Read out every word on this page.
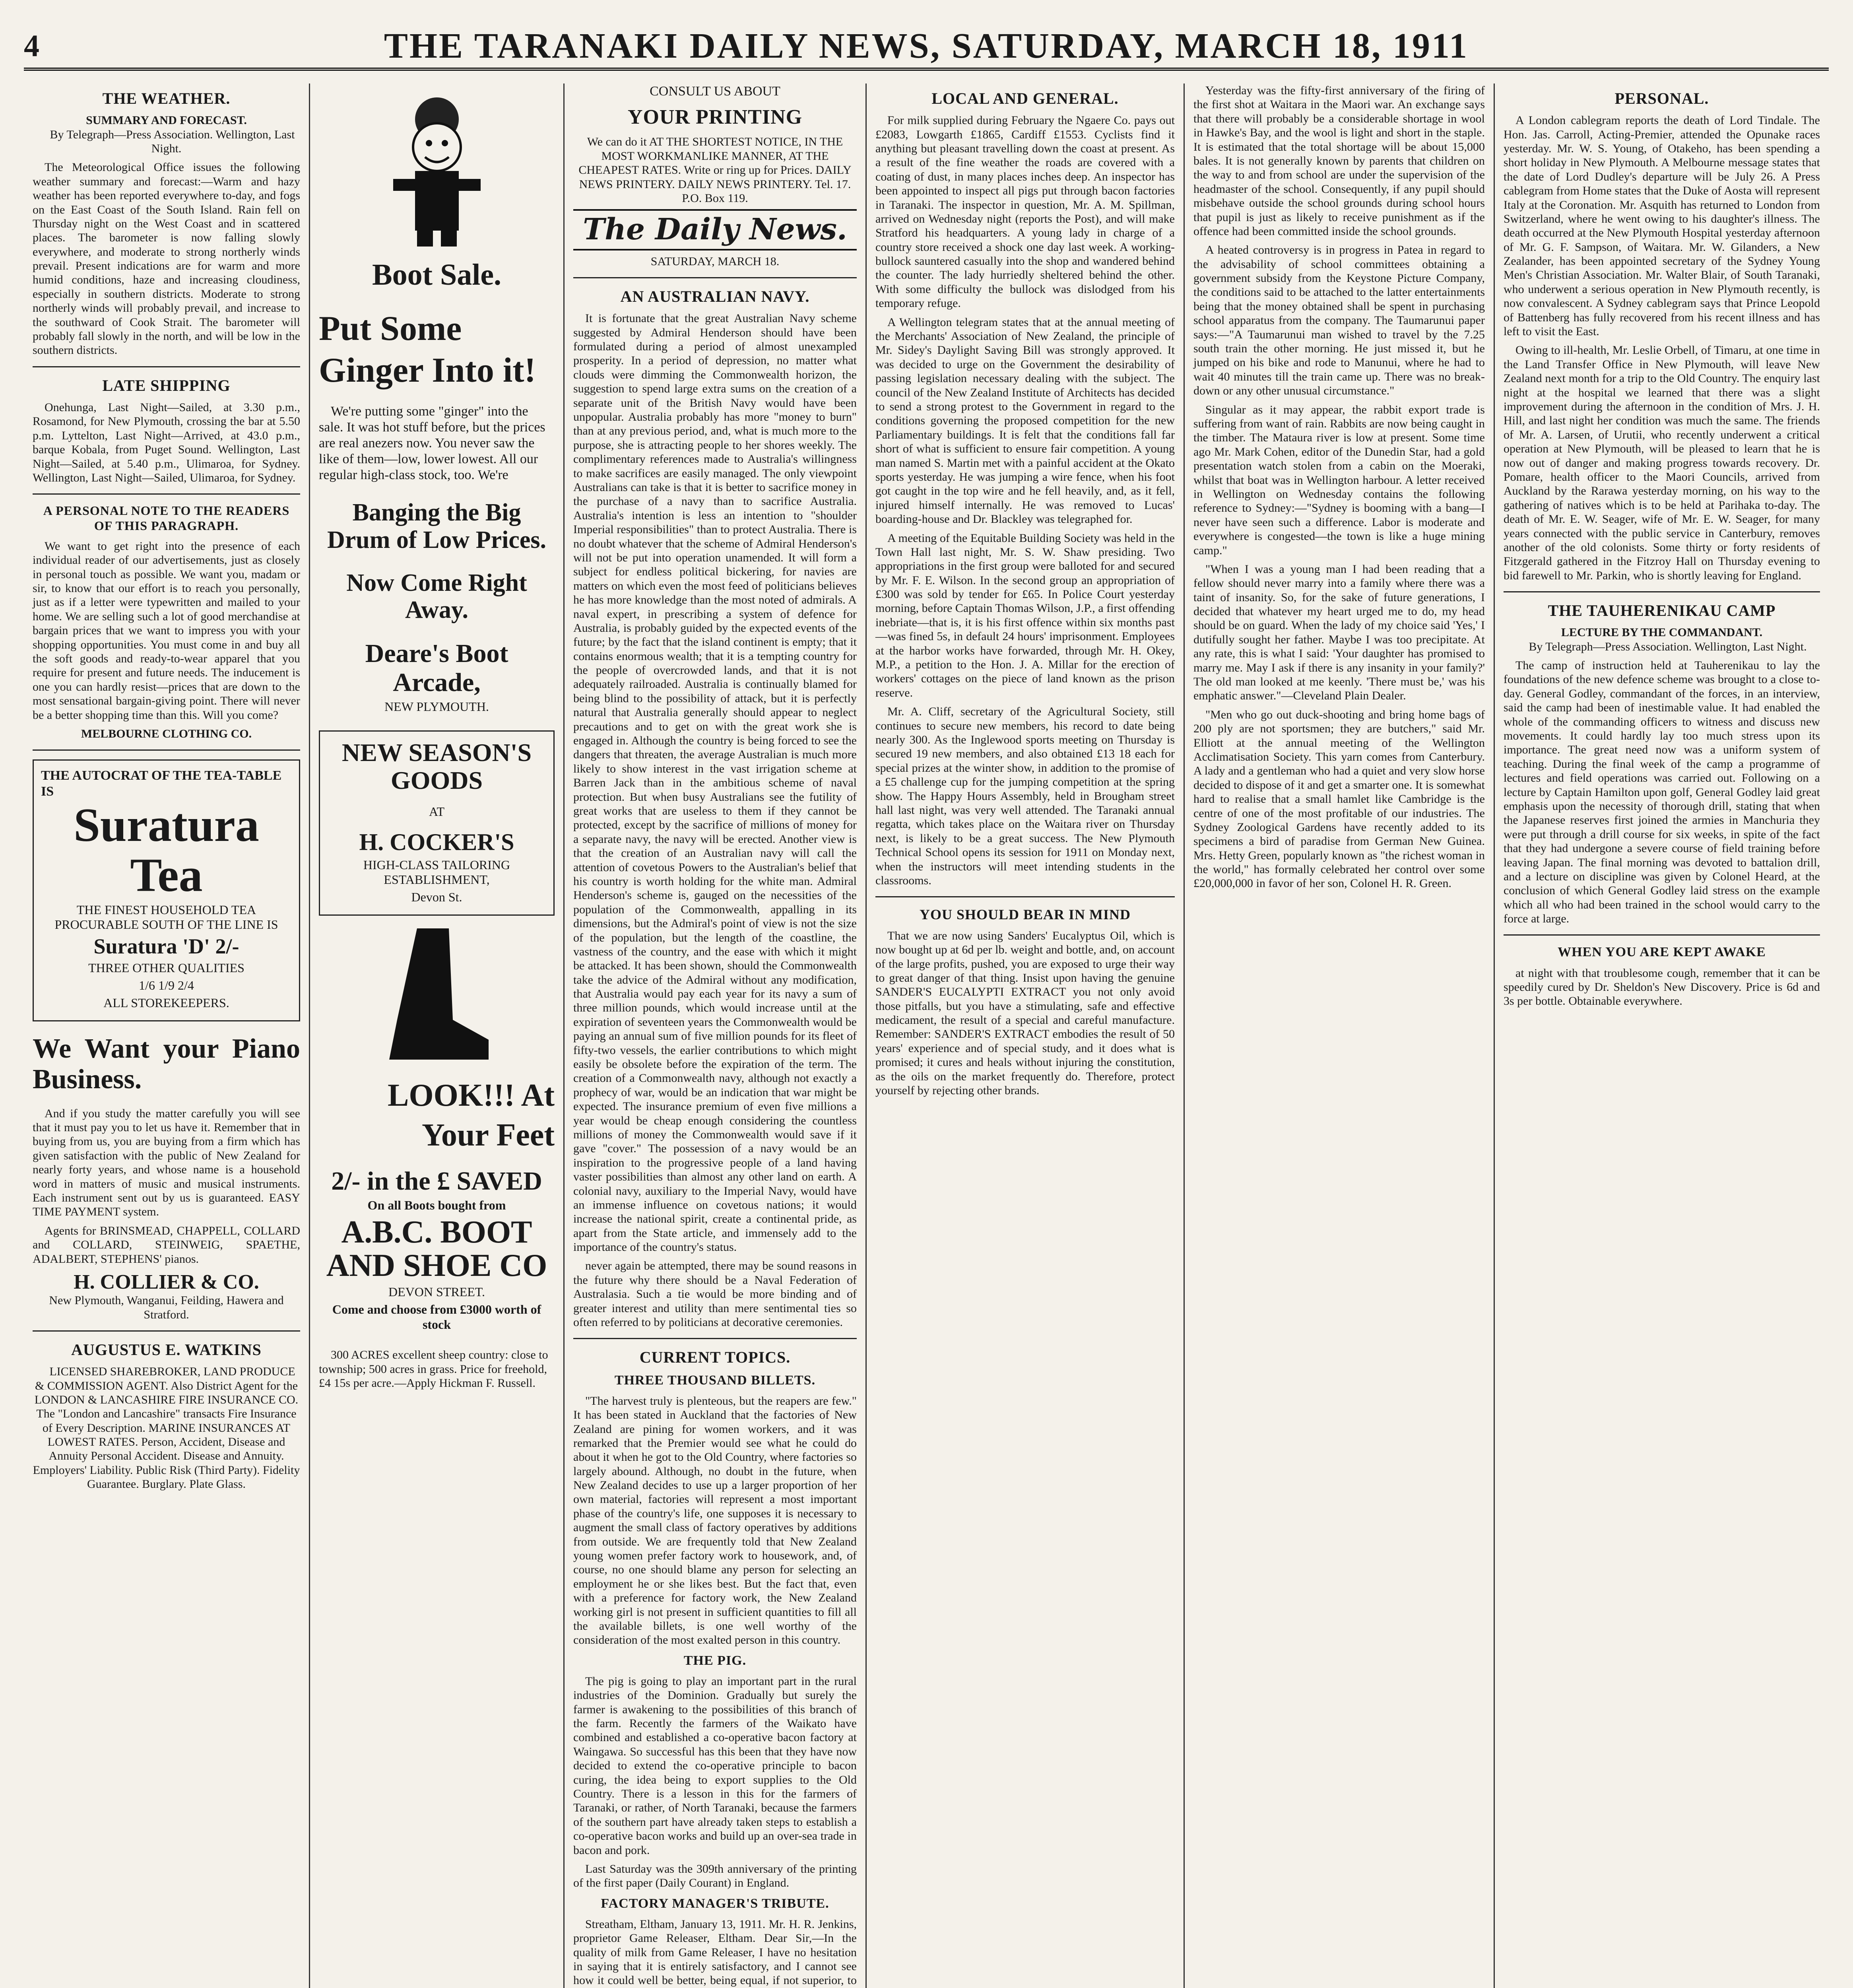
4	THE TARANAKI DAILY NEWS, SATURDAY, MARCH 18, 1911
THE WEATHER.
SUMMARY AND FORECAST.
By Telegraph—Press Association. Wellington, Last Night.
The Meteorological Office issues the following weather summary and forecast:—Warm and hazy weather has been reported everywhere to-day, and fogs on the East Coast of the South Island. Rain fell on Thursday night on the West Coast and in scattered places. The barometer is now falling slowly everywhere, and moderate to strong northerly winds prevail. Present indications are for warm and more humid conditions, haze and increasing cloudiness, especially in southern districts. Moderate to strong northerly winds will probably prevail, and increase to the southward of Cook Strait. The barometer will probably fall slowly in the north, and will be low in the southern districts.
LATE SHIPPING
Onehunga, Last Night—Sailed, at 3.30 p.m., Rosamond, for New Plymouth, crossing the bar at 5.50 p.m. Lyttelton, Last Night—Arrived, at 43.0 p.m., barque Kobala, from Puget Sound. Wellington, Last Night—Sailed, at 5.40 p.m., Ulimaroa, for Sydney. Wellington, Last Night—Sailed, Ulimaroa, for Sydney.
A PERSONAL NOTE TO THE READERS OF THIS PARAGRAPH.
We want to get right into the presence of each individual reader of our advertisements, just as closely in personal touch as possible. We want you, madam or sir, to know that our effort is to reach you personally, just as if a letter were typewritten and mailed to your home. We are selling such a lot of good merchandise at bargain prices that we want to impress you with your shopping opportunities. You must come in and buy all the soft goods and ready-to-wear apparel that you require for present and future needs. The inducement is one you can hardly resist—prices that are down to the most sensational bargain-giving point. There will never be a better shopping time than this. Will you come?
MELBOURNE CLOTHING CO.
THE AUTOCRAT OF THE TEA-TABLE IS
Suratura Tea
THE FINEST HOUSEHOLD TEA PROCURABLE SOUTH OF THE LINE IS
Suratura 'D' 2/-
THREE OTHER QUALITIES
1/6 1/9 2/4
ALL STOREKEEPERS.
We Want your Piano Business.
And if you study the matter carefully you will see that it must pay you to let us have it. Remember that in buying from us, you are buying from a firm which has given satisfaction with the public of New Zealand for nearly forty years, and whose name is a household word in matters of music and musical instruments. Each instrument sent out by us is guaranteed. EASY TIME PAYMENT system.
Agents for BRINSMEAD, CHAPPELL, COLLARD and COLLARD, STEINWEIG, SPAETHE, ADALBERT, STEPHENS' pianos.
H. COLLIER & CO.
New Plymouth, Wanganui, Feilding, Hawera and Stratford.
AUGUSTUS E. WATKINS
LICENSED SHAREBROKER, LAND PRODUCE & COMMISSION AGENT. Also District Agent for the LONDON & LANCASHIRE FIRE INSURANCE CO. The "London and Lancashire" transacts Fire Insurance of Every Description. MARINE INSURANCES AT LOWEST RATES. Person, Accident, Disease and Annuity Personal Accident. Disease and Annuity. Employers' Liability. Public Risk (Third Party). Fidelity Guarantee. Burglary. Plate Glass.
Boot Sale.
Put Some Ginger Into it!
We're putting some "ginger" into the sale. It was hot stuff before, but the prices are real anezers now. You never saw the like of them—low, lower lowest. All our regular high-class stock, too. We're
Banging the Big Drum of Low Prices.
Now Come Right Away.
Deare's Boot Arcade,
NEW PLYMOUTH.
NEW SEASON'S GOODS
AT
H. COCKER'S
HIGH-CLASS TAILORING ESTABLISHMENT,
Devon St.
LOOK!!! At Your Feet
2/- in the £ SAVED
On all Boots bought from
A.B.C. BOOT AND SHOE CO
DEVON STREET.
Come and choose from £3000 worth of stock
300 ACRES excellent sheep country: close to township; 500 acres in grass. Price for freehold, £4 15s per acre.—Apply Hickman F. Russell.
CONSULT US ABOUT
YOUR PRINTING
We can do it AT THE SHORTEST NOTICE, IN THE MOST WORKMANLIKE MANNER, AT THE CHEAPEST RATES. Write or ring up for Prices. DAILY NEWS PRINTERY. DAILY NEWS PRINTERY. Tel. 17. P.O. Box 119.
The Daily News.
SATURDAY, MARCH 18.
AN AUSTRALIAN NAVY.
It is fortunate that the great Australian Navy scheme suggested by Admiral Henderson should have been formulated during a period of almost unexampled prosperity. In a period of depression, no matter what clouds were dimming the Commonwealth horizon, the suggestion to spend large extra sums on the creation of a separate unit of the British Navy would have been unpopular. Australia probably has more "money to burn" than at any previous period, and, what is much more to the purpose, she is attracting people to her shores weekly. The complimentary references made to Australia's willingness to make sacrifices are easily managed. The only viewpoint Australians can take is that it is better to sacrifice money in the purchase of a navy than to sacrifice Australia. Australia's intention is less an intention to "shoulder Imperial responsibilities" than to protect Australia. There is no doubt whatever that the scheme of Admiral Henderson's will not be put into operation unamended. It will form a subject for endless political bickering, for navies are matters on which even the most feed of politicians believes he has more knowledge than the most noted of admirals. A naval expert, in prescribing a system of defence for Australia, is probably guided by the expected events of the future; by the fact that the island continent is empty; that it contains enormous wealth; that it is a tempting country for the people of overcrowded lands, and that it is not adequately railroaded. Australia is continually blamed for being blind to the possibility of attack, but it is perfectly natural that Australia generally should appear to neglect precautions and to get on with the great work she is engaged in. Although the country is being forced to see the dangers that threaten, the average Australian is much more likely to show interest in the vast irrigation scheme at Barren Jack than in the ambitious scheme of naval protection. But when busy Australians see the futility of great works that are useless to them if they cannot be protected, except by the sacrifice of millions of money for a separate navy, the navy will be erected. Another view is that the creation of an Australian navy will call the attention of covetous Powers to the Australian's belief that his country is worth holding for the white man. Admiral Henderson's scheme is, gauged on the necessities of the population of the Commonwealth, appalling in its dimensions, but the Admiral's point of view is not the size of the population, but the length of the coastline, the vastness of the country, and the ease with which it might be attacked. It has been shown, should the Commonwealth take the advice of the Admiral without any modification, that Australia would pay each year for its navy a sum of three million pounds, which would increase until at the expiration of seventeen years the Commonwealth would be paying an annual sum of five million pounds for its fleet of fifty-two vessels, the earlier contributions to which might easily be obsolete before the expiration of the term. The creation of a Commonwealth navy, although not exactly a prophecy of war, would be an indication that war might be expected. The insurance premium of even five millions a year would be cheap enough considering the countless millions of money the Commonwealth would save if it gave "cover." The possession of a navy would be an inspiration to the progressive people of a land having vaster possibilities than almost any other land on earth. A colonial navy, auxiliary to the Imperial Navy, would have an immense influence on covetous nations; it would increase the national spirit, create a continental pride, as apart from the State article, and immensely add to the importance of the country's status.
never again be attempted, there may be sound reasons in the future why there should be a Naval Federation of Australasia. Such a tie would be more binding and of greater interest and utility than mere sentimental ties so often referred to by politicians at decorative ceremonies.
CURRENT TOPICS.
THREE THOUSAND BILLETS.
"The harvest truly is plenteous, but the reapers are few." It has been stated in Auckland that the factories of New Zealand are pining for women workers, and it was remarked that the Premier would see what he could do about it when he got to the Old Country, where factories so largely abound. Although, no doubt in the future, when New Zealand decides to use up a larger proportion of her own material, factories will represent a most important phase of the country's life, one supposes it is necessary to augment the small class of factory operatives by additions from outside. We are frequently told that New Zealand young women prefer factory work to housework, and, of course, no one should blame any person for selecting an employment he or she likes best. But the fact that, even with a preference for factory work, the New Zealand working girl is not present in sufficient quantities to fill all the available billets, is one well worthy of the consideration of the most exalted person in this country.
THE PIG.
The pig is going to play an important part in the rural industries of the Dominion. Gradually but surely the farmer is awakening to the possibilities of this branch of the farm. Recently the farmers of the Waikato have combined and established a co-operative bacon factory at Waingawa. So successful has this been that they have now decided to extend the co-operative principle to bacon curing, the idea being to export supplies to the Old Country. There is a lesson in this for the farmers of Taranaki, or rather, of North Taranaki, because the farmers of the southern part have already taken steps to establish a co-operative bacon works and build up an over-sea trade in bacon and pork.
Last Saturday was the 309th anniversary of the printing of the first paper (Daily Courant) in England.
FACTORY MANAGER'S TRIBUTE.
Streatham, Eltham, January 13, 1911. Mr. H. R. Jenkins, proprietor Game Releaser, Eltham. Dear Sir,—In the quality of milk from Game Releaser, I have no hesitation in saying that it is entirely satisfactory, and I cannot see how it could well be better, being equal, if not superior, to
LOCAL AND GENERAL.
For milk supplied during February the Ngaere Co. pays out £2083, Lowgarth £1865, Cardiff £1553. Cyclists find it anything but pleasant travelling down the coast at present. As a result of the fine weather the roads are covered with a coating of dust, in many places inches deep. An inspector has been appointed to inspect all pigs put through bacon factories in Taranaki. The inspector in question, Mr. A. M. Spillman, arrived on Wednesday night (reports the Post), and will make Stratford his headquarters. A young lady in charge of a country store received a shock one day last week. A working-bullock sauntered casually into the shop and wandered behind the counter. The lady hurriedly sheltered behind the other. With some difficulty the bullock was dislodged from his temporary refuge.
A Wellington telegram states that at the annual meeting of the Merchants' Association of New Zealand, the principle of Mr. Sidey's Daylight Saving Bill was strongly approved. It was decided to urge on the Government the desirability of passing legislation necessary dealing with the subject. The council of the New Zealand Institute of Architects has decided to send a strong protest to the Government in regard to the conditions governing the proposed competition for the new Parliamentary buildings. It is felt that the conditions fall far short of what is sufficient to ensure fair competition. A young man named S. Martin met with a painful accident at the Okato sports yesterday. He was jumping a wire fence, when his foot got caught in the top wire and he fell heavily, and, as it fell, injured himself internally. He was removed to Lucas' boarding-house and Dr. Blackley was telegraphed for.
A meeting of the Equitable Building Society was held in the Town Hall last night, Mr. S. W. Shaw presiding. Two appropriations in the first group were balloted for and secured by Mr. F. E. Wilson. In the second group an appropriation of £300 was sold by tender for £65. In Police Court yesterday morning, before Captain Thomas Wilson, J.P., a first offending inebriate—that is, it is his first offence within six months past—was fined 5s, in default 24 hours' imprisonment. Employees at the harbor works have forwarded, through Mr. H. Okey, M.P., a petition to the Hon. J. A. Millar for the erection of workers' cottages on the piece of land known as the prison reserve.
Mr. A. Cliff, secretary of the Agricultural Society, still continues to secure new members, his record to date being nearly 300. As the Inglewood sports meeting on Thursday is secured 19 new members, and also obtained £13 18 each for special prizes at the winter show, in addition to the promise of a £5 challenge cup for the jumping competition at the spring show. The Happy Hours Assembly, held in Brougham street hall last night, was very well attended. The Taranaki annual regatta, which takes place on the Waitara river on Thursday next, is likely to be a great success. The New Plymouth Technical School opens its session for 1911 on Monday next, when the instructors will meet intending students in the classrooms.
YOU SHOULD BEAR IN MIND
That we are now using Sanders' Eucalyptus Oil, which is now bought up at 6d per lb. weight and bottle, and, on account of the large profits, pushed, you are exposed to urge their way to great danger of that thing. Insist upon having the genuine SANDER'S EUCALYPTI EXTRACT you not only avoid those pitfalls, but you have a stimulating, safe and effective medicament, the result of a special and careful manufacture. Remember: SANDER'S EXTRACT embodies the result of 50 years' experience and of special study, and it does what is promised; it cures and heals without injuring the constitution, as the oils on the market frequently do. Therefore, protect yourself by rejecting other brands.
Yesterday was the fifty-first anniversary of the firing of the first shot at Waitara in the Maori war. An exchange says that there will probably be a considerable shortage in wool in Hawke's Bay, and the wool is light and short in the staple. It is estimated that the total shortage will be about 15,000 bales. It is not generally known by parents that children on the way to and from school are under the supervision of the headmaster of the school. Consequently, if any pupil should misbehave outside the school grounds during school hours that pupil is just as likely to receive punishment as if the offence had been committed inside the school grounds.
A heated controversy is in progress in Patea in regard to the advisability of school committees obtaining a government subsidy from the Keystone Picture Company, the conditions said to be attached to the latter entertainments being that the money obtained shall be spent in purchasing school apparatus from the company. The Taumarunui paper says:—"A Taumarunui man wished to travel by the 7.25 south train the other morning. He just missed it, but he jumped on his bike and rode to Manunui, where he had to wait 40 minutes till the train came up. There was no break-down or any other unusual circumstance."
Singular as it may appear, the rabbit export trade is suffering from want of rain. Rabbits are now being caught in the timber. The Mataura river is low at present. Some time ago Mr. Mark Cohen, editor of the Dunedin Star, had a gold presentation watch stolen from a cabin on the Moeraki, whilst that boat was in Wellington harbour. A letter received in Wellington on Wednesday contains the following reference to Sydney:—"Sydney is booming with a bang—I never have seen such a difference. Labor is moderate and everywhere is congested—the town is like a huge mining camp."
"When I was a young man I had been reading that a fellow should never marry into a family where there was a taint of insanity. So, for the sake of future generations, I decided that whatever my heart urged me to do, my head should be on guard. When the lady of my choice said 'Yes,' I dutifully sought her father. Maybe I was too precipitate. At any rate, this is what I said: 'Your daughter has promised to marry me. May I ask if there is any insanity in your family?' The old man looked at me keenly. 'There must be,' was his emphatic answer."—Cleveland Plain Dealer.
"Men who go out duck-shooting and bring home bags of 200 ply are not sportsmen; they are butchers," said Mr. Elliott at the annual meeting of the Wellington Acclimatisation Society. This yarn comes from Canterbury. A lady and a gentleman who had a quiet and very slow horse decided to dispose of it and get a smarter one. It is somewhat hard to realise that a small hamlet like Cambridge is the centre of one of the most profitable of our industries. The Sydney Zoological Gardens have recently added to its specimens a bird of paradise from German New Guinea. Mrs. Hetty Green, popularly known as "the richest woman in the world," has formally celebrated her control over some £20,000,000 in favor of her son, Colonel H. R. Green.
PERSONAL.
A London cablegram reports the death of Lord Tindale. The Hon. Jas. Carroll, Acting-Premier, attended the Opunake races yesterday. Mr. W. S. Young, of Otakeho, has been spending a short holiday in New Plymouth. A Melbourne message states that the date of Lord Dudley's departure will be July 26. A Press cablegram from Home states that the Duke of Aosta will represent Italy at the Coronation. Mr. Asquith has returned to London from Switzerland, where he went owing to his daughter's illness. The death occurred at the New Plymouth Hospital yesterday afternoon of Mr. G. F. Sampson, of Waitara. Mr. W. Gilanders, a New Zealander, has been appointed secretary of the Sydney Young Men's Christian Association. Mr. Walter Blair, of South Taranaki, who underwent a serious operation in New Plymouth recently, is now convalescent. A Sydney cablegram says that Prince Leopold of Battenberg has fully recovered from his recent illness and has left to visit the East.
Owing to ill-health, Mr. Leslie Orbell, of Timaru, at one time in the Land Transfer Office in New Plymouth, will leave New Zealand next month for a trip to the Old Country. The enquiry last night at the hospital we learned that there was a slight improvement during the afternoon in the condition of Mrs. J. H. Hill, and last night her condition was much the same. The friends of Mr. A. Larsen, of Urutii, who recently underwent a critical operation at New Plymouth, will be pleased to learn that he is now out of danger and making progress towards recovery. Dr. Pomare, health officer to the Maori Councils, arrived from Auckland by the Rarawa yesterday morning, on his way to the gathering of natives which is to be held at Parihaka to-day. The death of Mr. E. W. Seager, wife of Mr. E. W. Seager, for many years connected with the public service in Canterbury, removes another of the old colonists. Some thirty or forty residents of Fitzgerald gathered in the Fitzroy Hall on Thursday evening to bid farewell to Mr. Parkin, who is shortly leaving for England.
THE TAUHERENIKAU CAMP
LECTURE BY THE COMMANDANT.
By Telegraph—Press Association. Wellington, Last Night.
The camp of instruction held at Tauherenikau to lay the foundations of the new defence scheme was brought to a close to-day. General Godley, commandant of the forces, in an interview, said the camp had been of inestimable value. It had enabled the whole of the commanding officers to witness and discuss new movements. It could hardly lay too much stress upon its importance. The great need now was a uniform system of teaching. During the final week of the camp a programme of lectures and field operations was carried out. Following on a lecture by Captain Hamilton upon golf, General Godley laid great emphasis upon the necessity of thorough drill, stating that when the Japanese reserves first joined the armies in Manchuria they were put through a drill course for six weeks, in spite of the fact that they had undergone a severe course of field training before leaving Japan. The final morning was devoted to battalion drill, and a lecture on discipline was given by Colonel Heard, at the conclusion of which General Godley laid stress on the example which all who had been trained in the school would carry to the force at large.
WHEN YOU ARE KEPT AWAKE
at night with that troublesome cough, remember that it can be speedily cured by Dr. Sheldon's New Discovery. Price is 6d and 3s per bottle. Obtainable everywhere.
